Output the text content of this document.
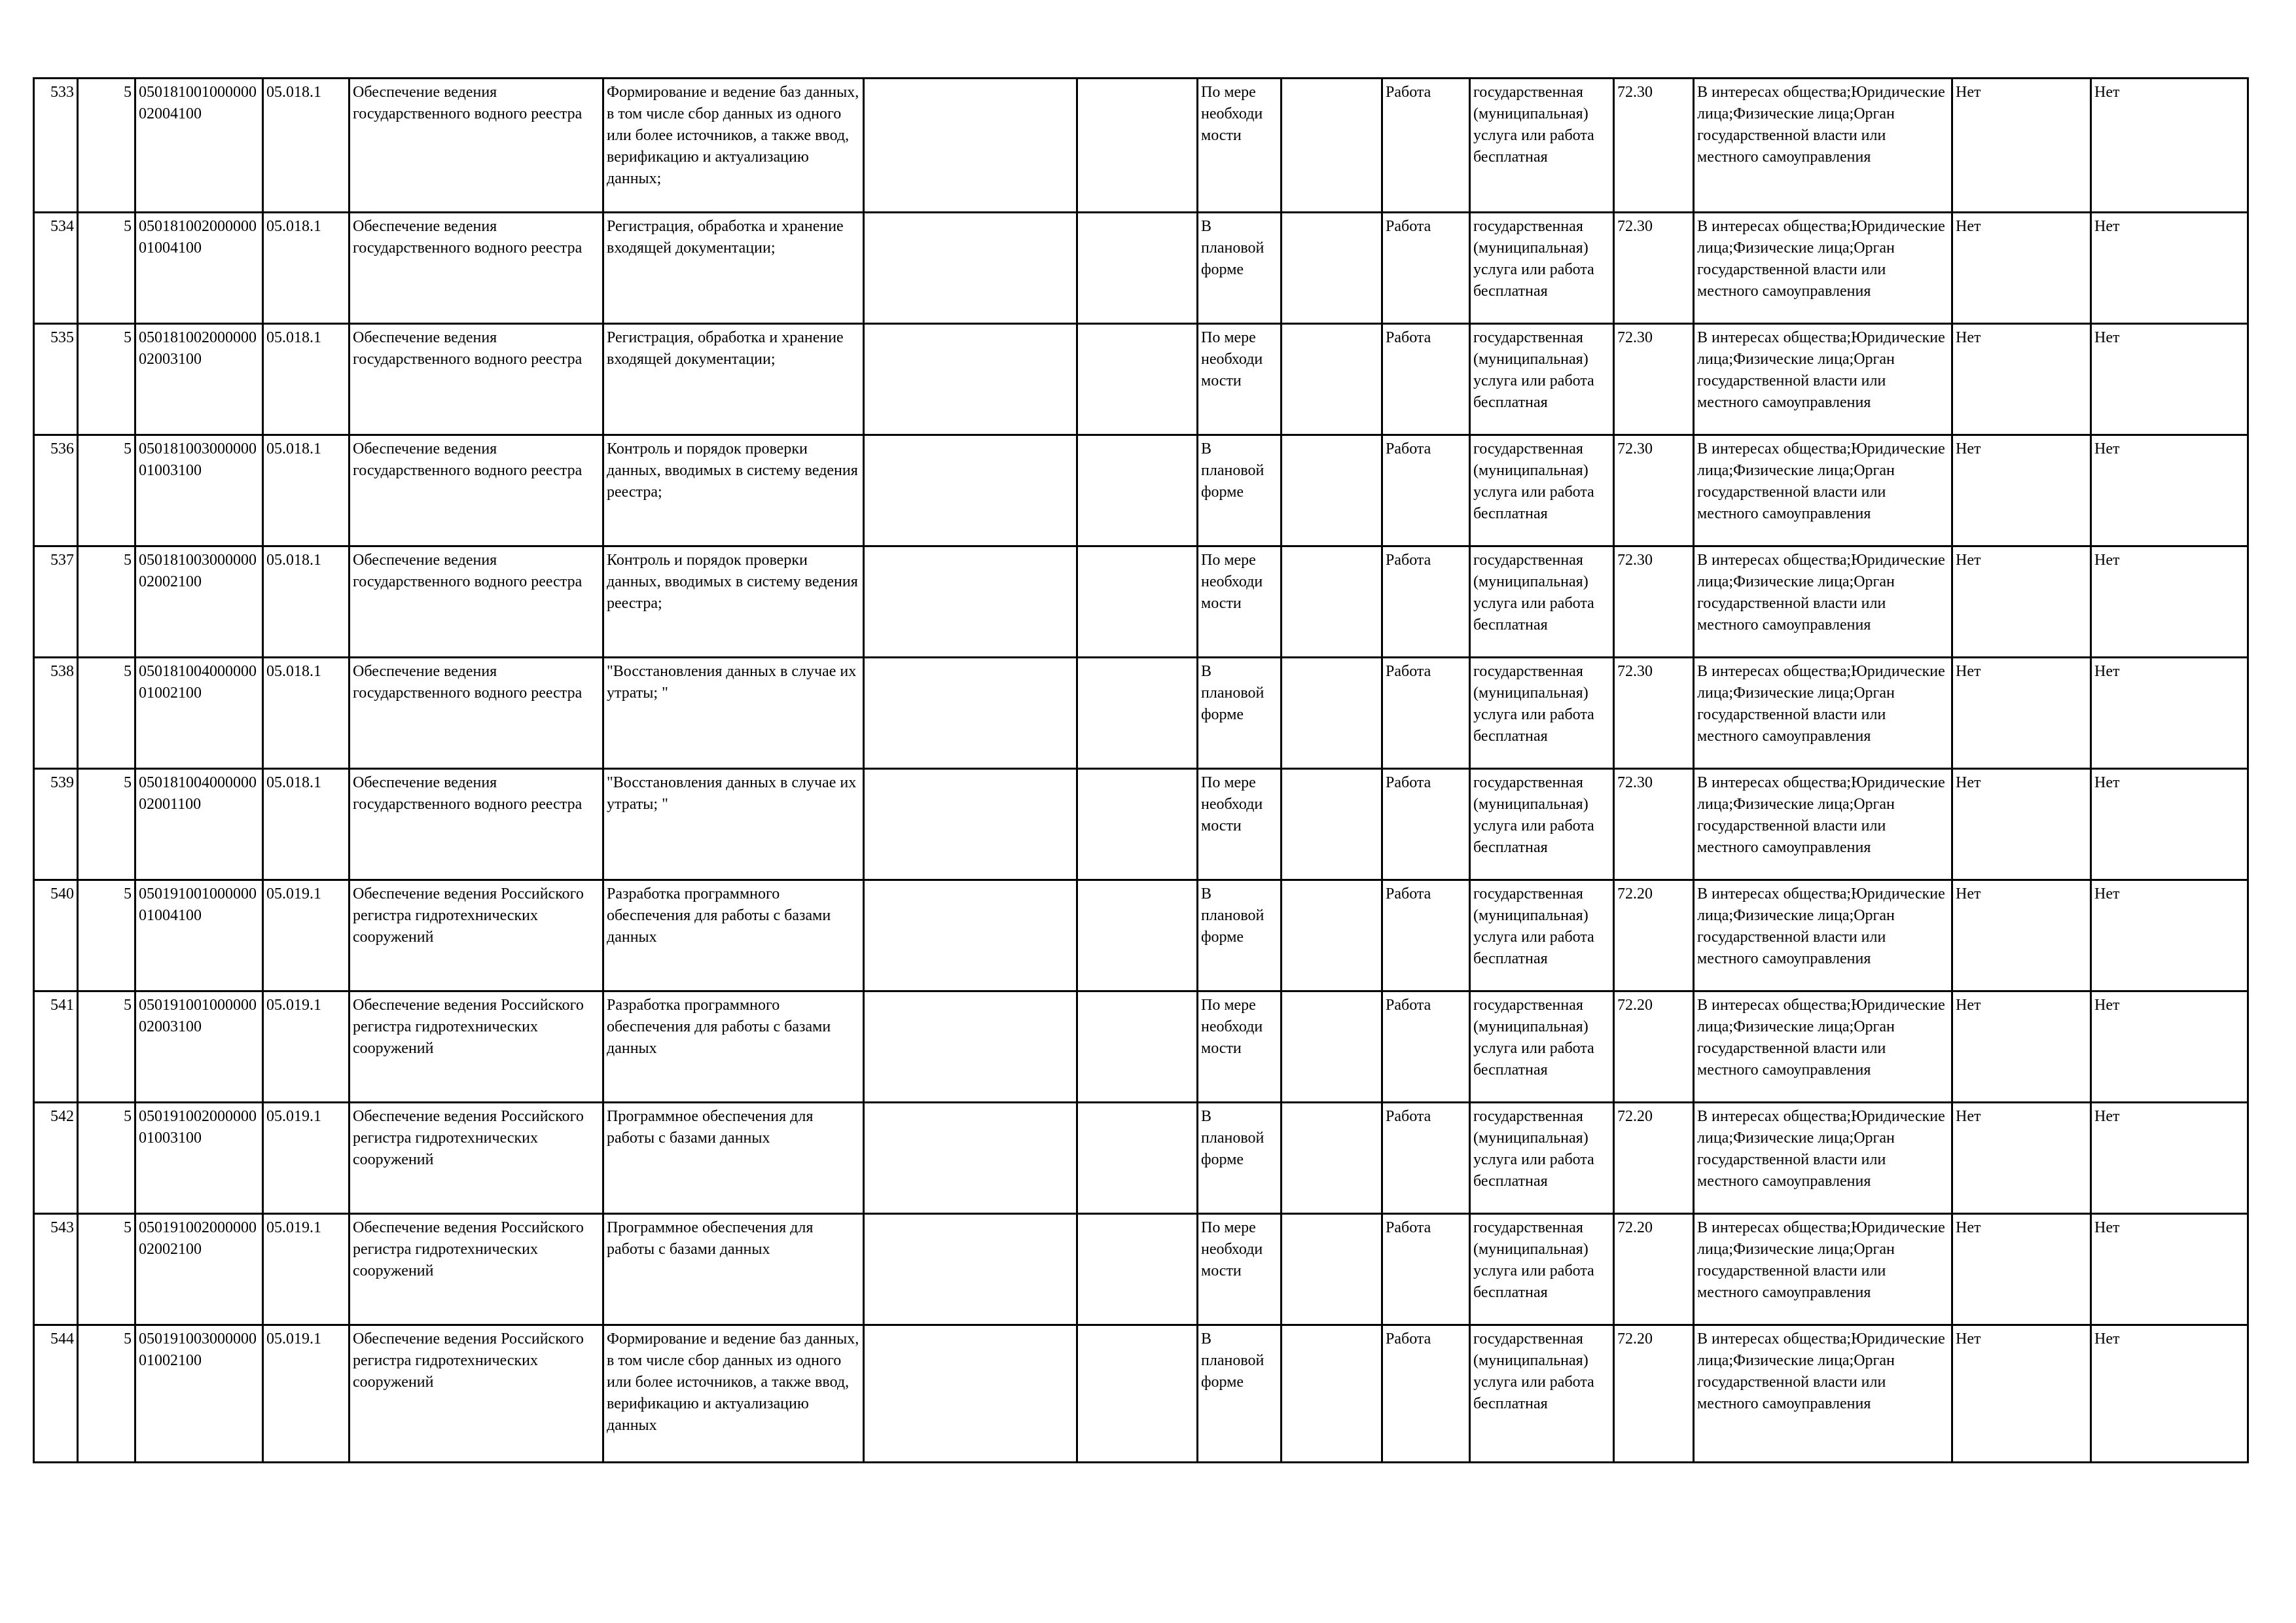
533	5	05018100100000002004100	05.018.1	Обеспечение ведения государственного водного реестра	Формирование и ведение баз данных, в том числе сбор данных из одного или более источников, а также ввод, верификацию и актуализацию данных;			По мере необходи мости		Работа	государственная (муниципальная) услуга или работа бесплатная	72.30	В интересах общества;Юридические лица;Физические лица;Орган государственной власти или местного самоуправления	Нет	Нет
534	5	05018100200000001004100	05.018.1	Обеспечение ведения государственного водного реестра	Регистрация, обработка и хранение входящей документации;			В плановой форме		Работа	государственная (муниципальная) услуга или работа бесплатная	72.30	В интересах общества;Юридические лица;Физические лица;Орган государственной власти или местного самоуправления	Нет	Нет
535	5	05018100200000002003100	05.018.1	Обеспечение ведения государственного водного реестра	Регистрация, обработка и хранение входящей документации;			По мере необходи мости		Работа	государственная (муниципальная) услуга или работа бесплатная	72.30	В интересах общества;Юридические лица;Физические лица;Орган государственной власти или местного самоуправления	Нет	Нет
536	5	05018100300000001003100	05.018.1	Обеспечение ведения государственного водного реестра	Контроль и порядок проверки данных, вводимых в систему ведения реестра;			В плановой форме		Работа	государственная (муниципальная) услуга или работа бесплатная	72.30	В интересах общества;Юридические лица;Физические лица;Орган государственной власти или местного самоуправления	Нет	Нет
537	5	05018100300000002002100	05.018.1	Обеспечение ведения государственного водного реестра	Контроль и порядок проверки данных, вводимых в систему ведения реестра;			По мере необходи мости		Работа	государственная (муниципальная) услуга или работа бесплатная	72.30	В интересах общества;Юридические лица;Физические лица;Орган государственной власти или местного самоуправления	Нет	Нет
538	5	05018100400000001002100	05.018.1	Обеспечение ведения государственного водного реестра	"Восстановления данных в случае их утраты; "			В плановой форме		Работа	государственная (муниципальная) услуга или работа бесплатная	72.30	В интересах общества;Юридические лица;Физические лица;Орган государственной власти или местного самоуправления	Нет	Нет
539	5	05018100400000002001100	05.018.1	Обеспечение ведения государственного водного реестра	"Восстановления данных в случае их утраты; "			По мере необходи мости		Работа	государственная (муниципальная) услуга или работа бесплатная	72.30	В интересах общества;Юридические лица;Физические лица;Орган государственной власти или местного самоуправления	Нет	Нет
540	5	05019100100000001004100	05.019.1	Обеспечение ведения Российского регистра гидротехнических сооружений	Разработка программного обеспечения для работы с базами данных			В плановой форме		Работа	государственная (муниципальная) услуга или работа бесплатная	72.20	В интересах общества;Юридические лица;Физические лица;Орган государственной власти или местного самоуправления	Нет	Нет
541	5	05019100100000002003100	05.019.1	Обеспечение ведения Российского регистра гидротехнических сооружений	Разработка программного обеспечения для работы с базами данных			По мере необходи мости		Работа	государственная (муниципальная) услуга или работа бесплатная	72.20	В интересах общества;Юридические лица;Физические лица;Орган государственной власти или местного самоуправления	Нет	Нет
542	5	05019100200000001003100	05.019.1	Обеспечение ведения Российского регистра гидротехнических сооружений	Программное обеспечения для работы с базами данных			В плановой форме		Работа	государственная (муниципальная) услуга или работа бесплатная	72.20	В интересах общества;Юридические лица;Физические лица;Орган государственной власти или местного самоуправления	Нет	Нет
543	5	05019100200000002002100	05.019.1	Обеспечение ведения Российского регистра гидротехнических сооружений	Программное обеспечения для работы с базами данных			По мере необходи мости		Работа	государственная (муниципальная) услуга или работа бесплатная	72.20	В интересах общества;Юридические лица;Физические лица;Орган государственной власти или местного самоуправления	Нет	Нет
544	5	05019100300000001002100	05.019.1	Обеспечение ведения Российского регистра гидротехнических сооружений	Формирование и ведение баз данных, в том числе сбор данных из одного или более источников, а также ввод, верификацию и актуализацию данных			В плановой форме		Работа	государственная (муниципальная) услуга или работа бесплатная	72.20	В интересах общества;Юридические лица;Физические лица;Орган государственной власти или местного самоуправления	Нет	Нет
